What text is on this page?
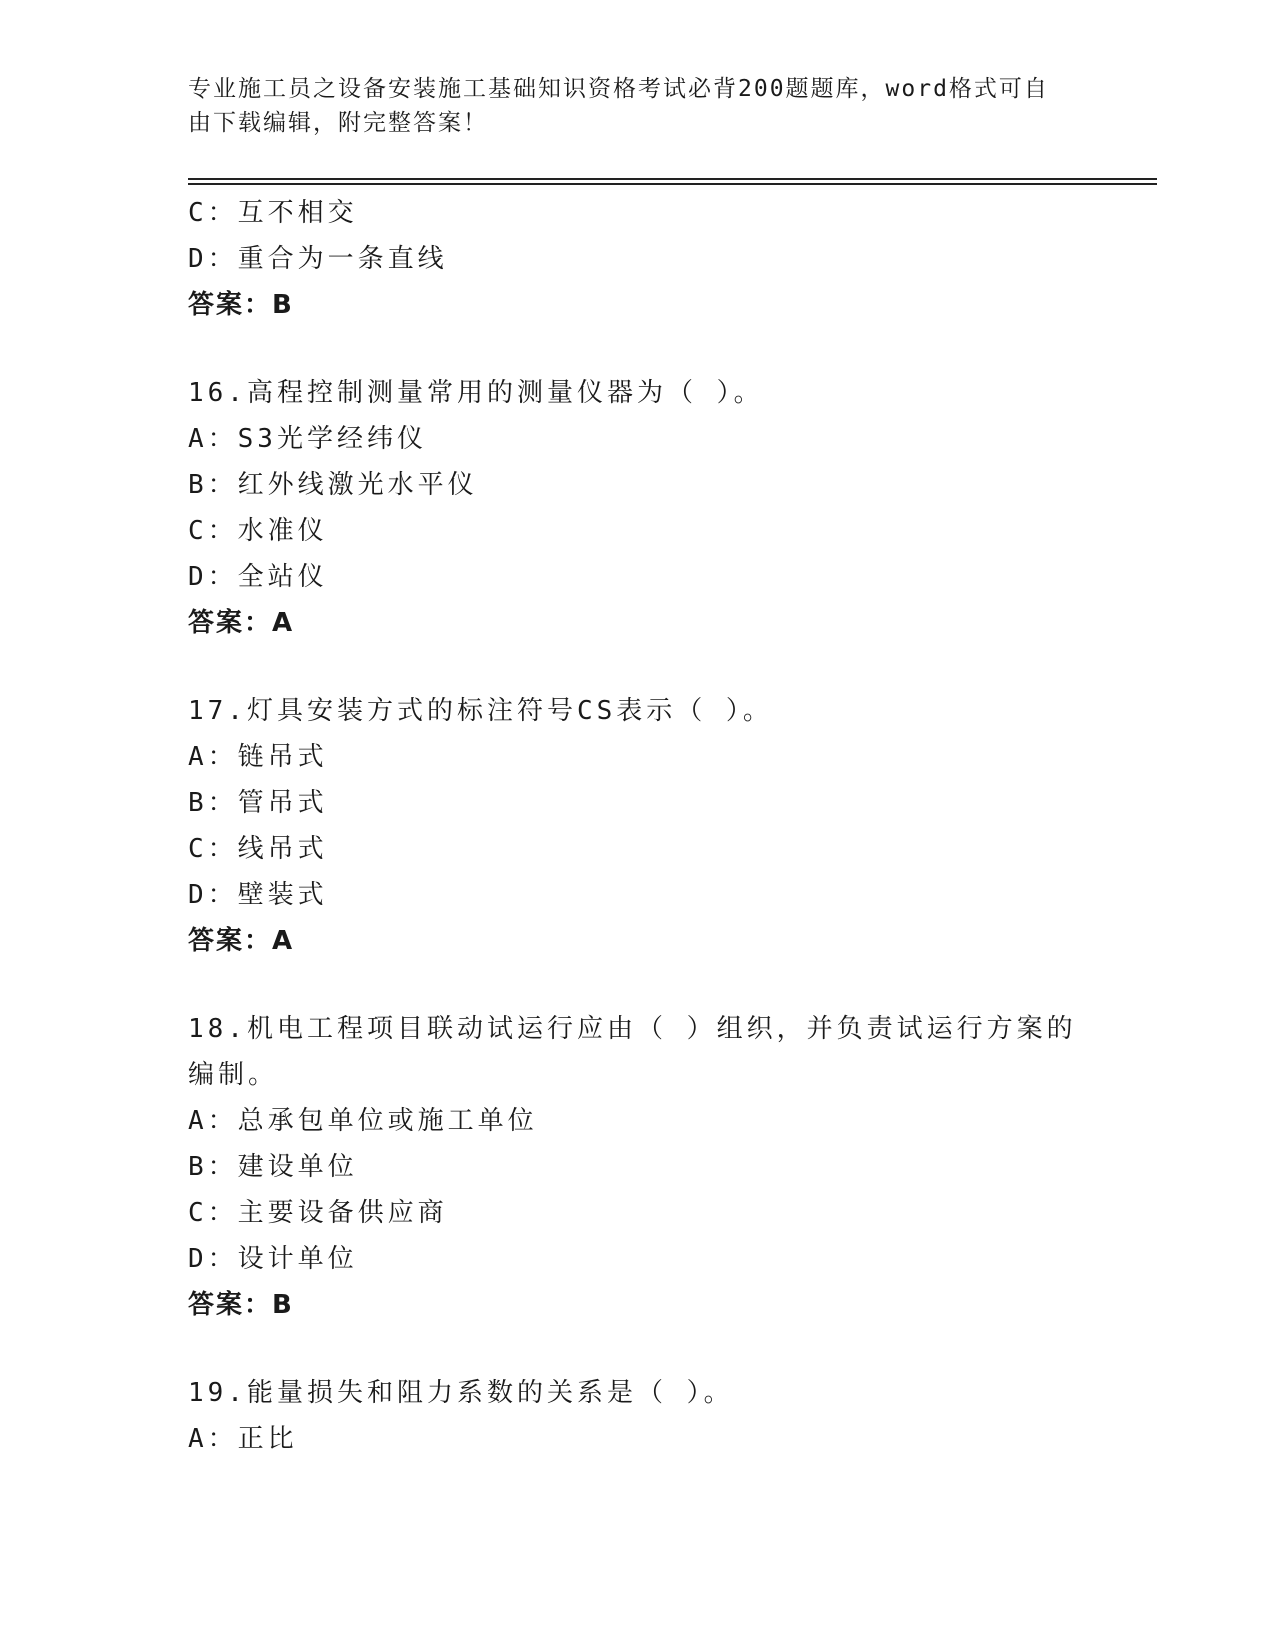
专业施工员之设备安装施工基础知识资格考试必背200题题库，word格式可自由下载编辑，附完整答案！
C：互不相交
D：重合为一条直线
答案：B
16.高程控制测量常用的测量仪器为（ ）。
A：S3光学经纬仪
B：红外线激光水平仪
C：水准仪
D：全站仪
答案：A
17.灯具安装方式的标注符号CS表示（ ）。
A：链吊式
B：管吊式
C：线吊式
D：壁装式
答案：A
18.机电工程项目联动试运行应由（ ）组织，并负责试运行方案的编制。
A：总承包单位或施工单位
B：建设单位
C：主要设备供应商
D：设计单位
答案：B
19.能量损失和阻力系数的关系是（ ）。
A：正比
